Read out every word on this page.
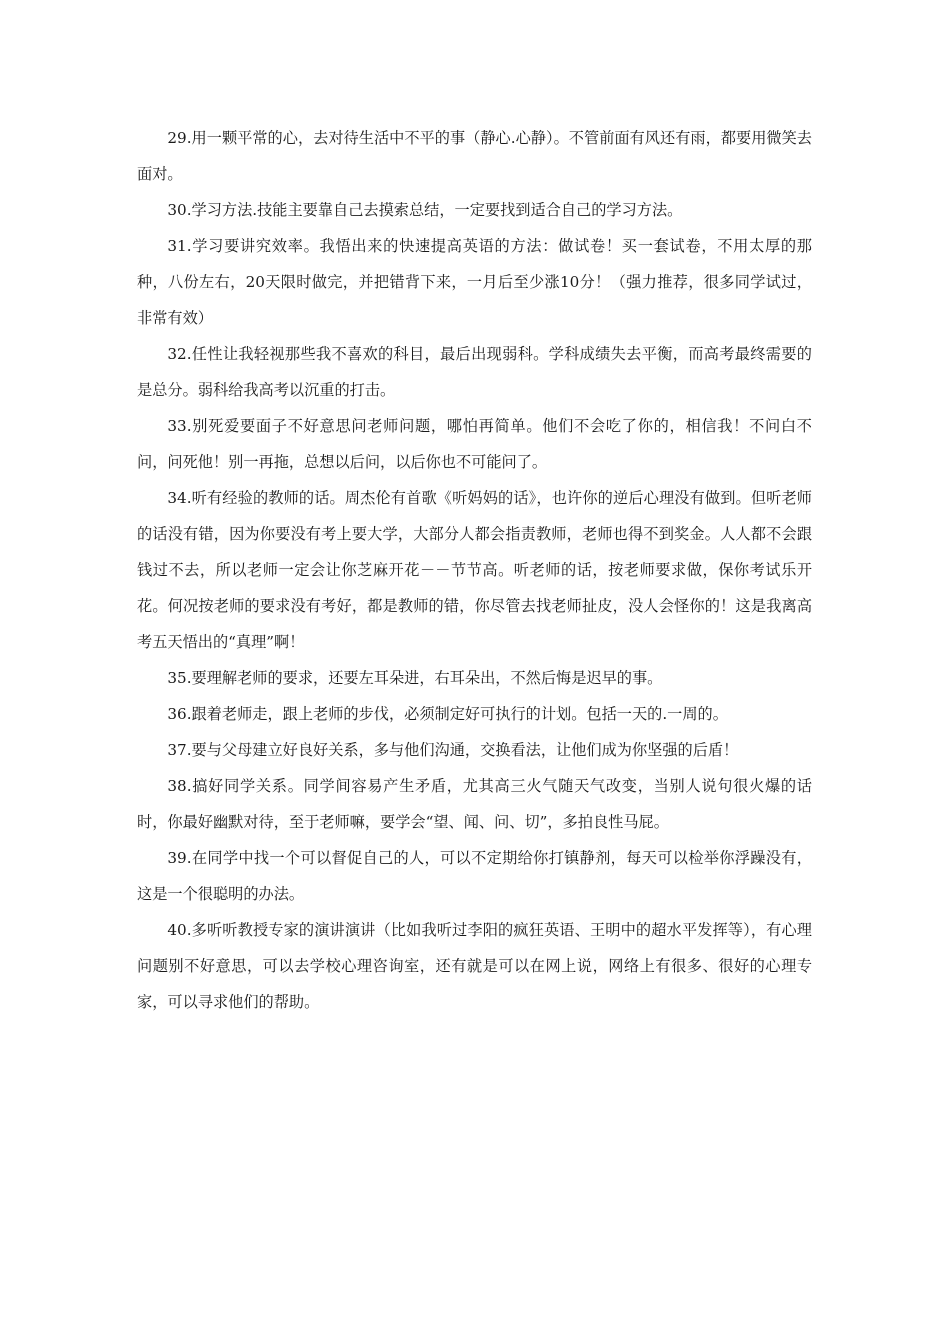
29.用一颗平常的心，去对待生活中不平的事（静心.心静）。不管前面有风还有雨，都要用微笑去面对。

30.学习方法.技能主要靠自己去摸索总结，一定要找到适合自己的学习方法。

31.学习要讲究效率。我悟出来的快速提高英语的方法：做试卷！买一套试卷，不用太厚的那种，八份左右，20天限时做完，并把错背下来，一月后至少涨10分！（强力推荐，很多同学试过，非常有效）

32.任性让我轻视那些我不喜欢的科目，最后出现弱科。学科成绩失去平衡，而高考最终需要的是总分。弱科给我高考以沉重的打击。

33.别死爱要面子不好意思问老师问题，哪怕再简单。他们不会吃了你的，相信我！不问白不问，问死他！别一再拖，总想以后问，以后你也不可能问了。

34.听有经验的教师的话。周杰伦有首歌《听妈妈的话》，也许你的逆后心理没有做到。但听老师的话没有错，因为你要没有考上要大学，大部分人都会指责教师，老师也得不到奖金。人人都不会跟钱过不去，所以老师一定会让你芝麻开花－－节节高。听老师的话，按老师要求做，保你考试乐开花。何况按老师的要求没有考好，都是教师的错，你尽管去找老师扯皮，没人会怪你的！这是我离高考五天悟出的“真理”啊！

35.要理解老师的要求，还要左耳朵进，右耳朵出，不然后悔是迟早的事。

36.跟着老师走，跟上老师的步伐，必须制定好可执行的计划。包括一天的.一周的。

37.要与父母建立好良好关系，多与他们沟通，交换看法，让他们成为你坚强的后盾！

38.搞好同学关系。同学间容易产生矛盾，尤其高三火气随天气改变，当别人说句很火爆的话时，你最好幽默对待，至于老师嘛，要学会“望、闻、问、切”，多拍良性马屁。

39.在同学中找一个可以督促自己的人，可以不定期给你打镇静剂，每天可以检举你浮躁没有，这是一个很聪明的办法。

40.多听听教授专家的演讲演讲（比如我听过李阳的疯狂英语、王明中的超水平发挥等），有心理问题别不好意思，可以去学校心理咨询室，还有就是可以在网上说，网络上有很多、很好的心理专家，可以寻求他们的帮助。
